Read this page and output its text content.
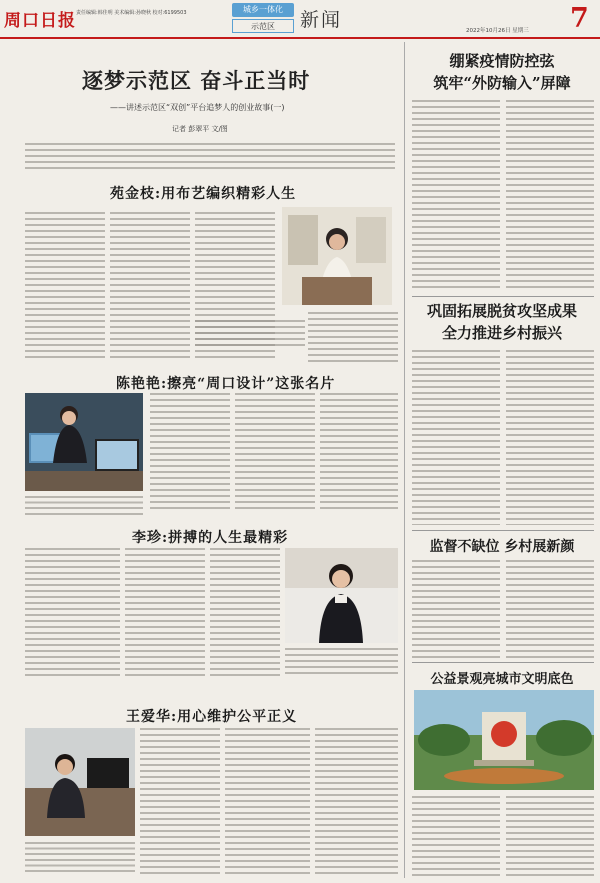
周口日报 责任编辑:韩佳明 美术编辑:孙晓秋 校对:6199503	城乡一体化
示范区	新闻	2022年10月26日 星期三 7
逐梦示范区 奋斗正当时
——讲述示范区“双创”平台追梦人的创业故事(一)
记者 彭翠平 文/图
苑金枝:用布艺编织精彩人生
陈艳艳:擦亮“周口设计”这张名片
李珍:拼搏的人生最精彩
王爱华:用心维护公平正义
绷紧疫情防控弦
筑牢“外防输入”屏障
巩固拓展脱贫攻坚成果
全力推进乡村振兴
监督不缺位 乡村展新颜
公益景观亮城市文明底色
